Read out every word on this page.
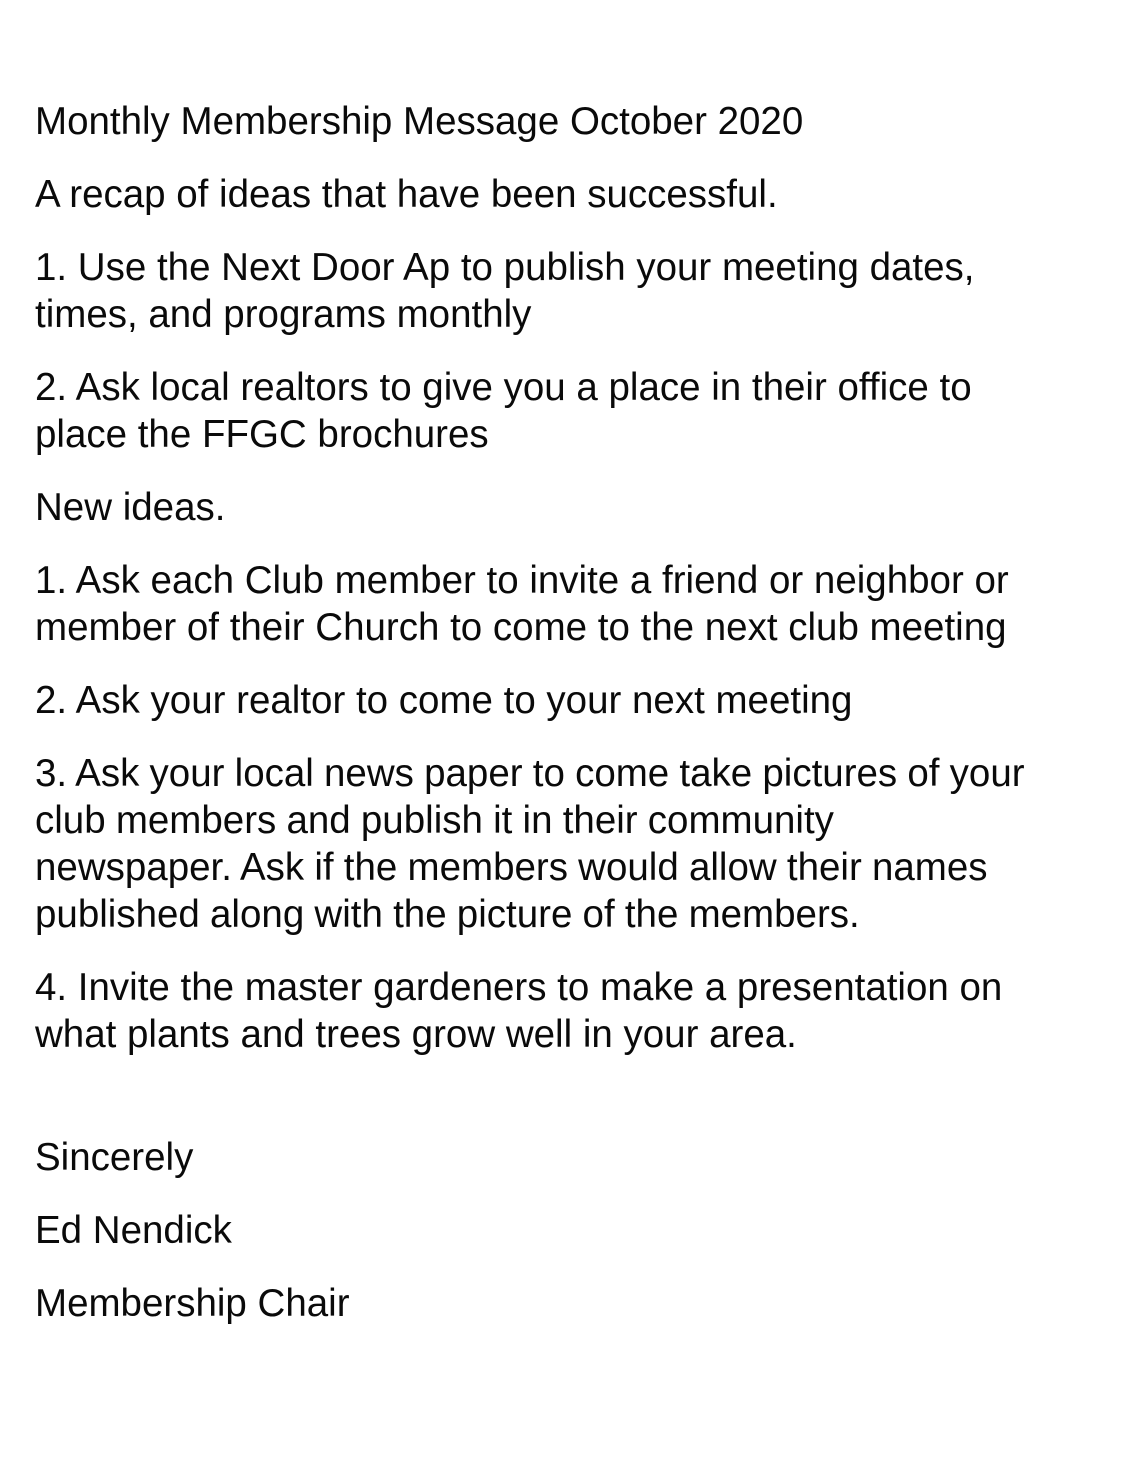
Monthly Membership Message October 2020
A recap of ideas that have been successful.
1. Use the Next Door Ap to publish your meeting dates,
times, and programs monthly
2. Ask local realtors to give you a place in their office to
place the FFGC brochures
New ideas.
1. Ask each Club member to invite a friend or neighbor or
member of their Church to come to the next club meeting
2. Ask your realtor to come to your next meeting
3. Ask your local news paper to come take pictures of your
club members and publish it in their community
newspaper. Ask if the members would allow their names
published along with the picture of the members.
4. Invite the master gardeners to make a presentation on
what plants and trees grow well in your area.
Sincerely
Ed Nendick
Membership Chair
